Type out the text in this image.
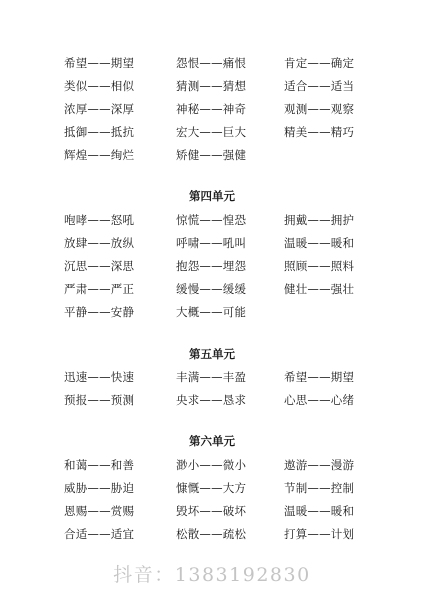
希望——期望	怨恨——痛恨	肯定——确定
类似——相似	猜测——猜想	适合——适当
浓厚——深厚	神秘——神奇	观测——观察
抵御——抵抗	宏大——巨大	精美——精巧
辉煌——绚烂	矫健——强健
第四单元
咆哮——怒吼	惊慌——惶恐	拥戴——拥护
放肆——放纵	呼啸——吼叫	温暖——暖和
沉思——深思	抱怨——埋怨	照顾——照料
严肃——严正	缓慢——缓缓	健壮——强壮
平静——安静	大概——可能
第五单元
迅速——快速	丰满——丰盈	希望——期望
预报——预测	央求——恳求	心思——心绪
第六单元
和蔼——和善	渺小——微小	遨游——漫游
威胁——胁迫	慷慨——大方	节制——控制
恩赐——赏赐	毁坏——破坏	温暖——暖和
合适——适宜	松散——疏松	打算——计划
抖音：1383192830
